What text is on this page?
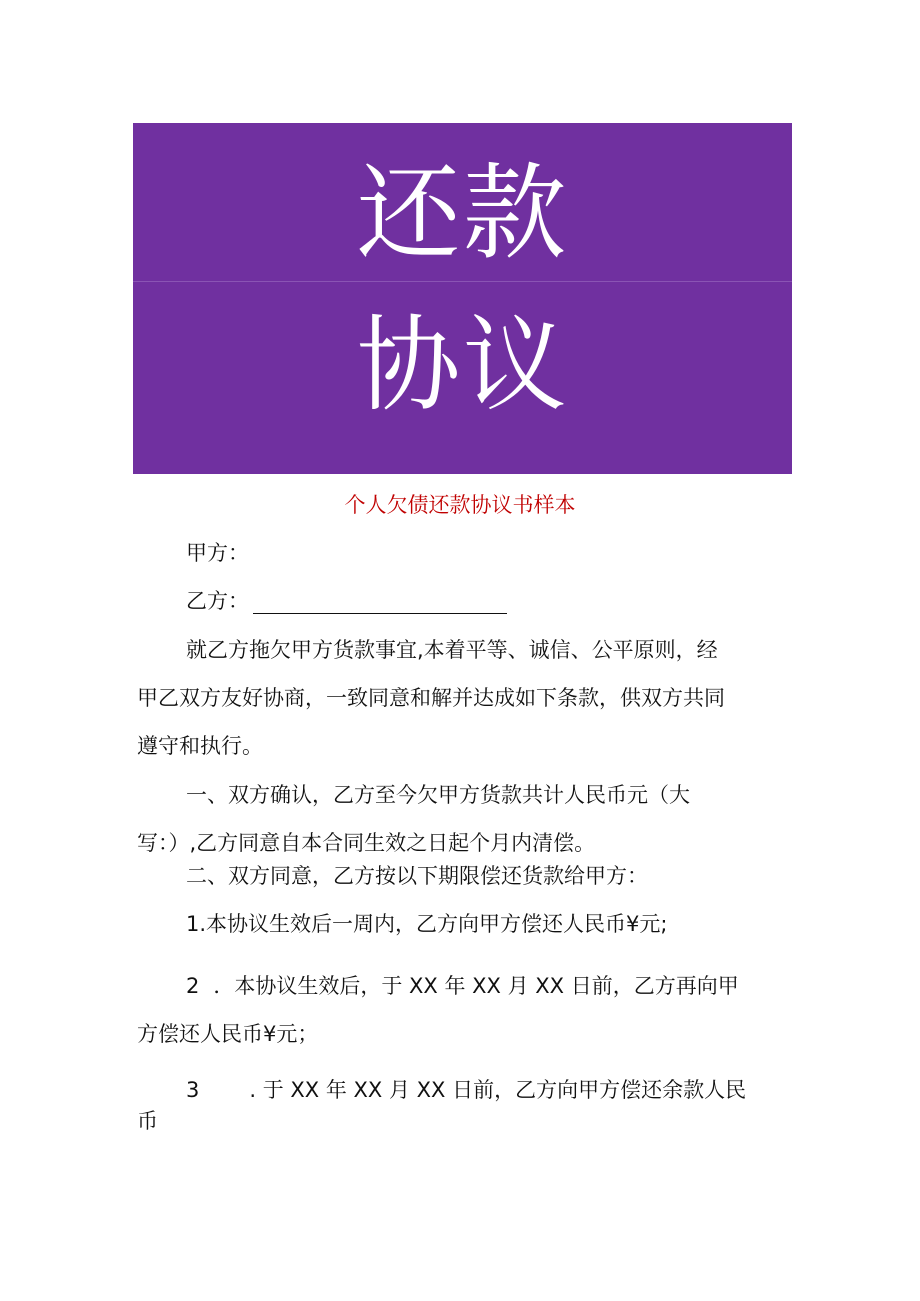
还款
协议
个人欠债还款协议书样本
甲方：
乙方：
就乙方拖欠甲方货款事宜,本着平等、诚信、公平原则，经
甲乙双方友好协商，一致同意和解并达成如下条款，供双方共同
遵守和执行。
一、双方确认，乙方至今欠甲方货款共计人民币元（大
写：）,乙方同意自本合同生效之日起个月内清偿。
二、双方同意，乙方按以下期限偿还货款给甲方：
1.本协议生效后一周内，乙方向甲方偿还人民币¥元;
2 ．本协议生效后，于 XX 年 XX 月 XX 日前，乙方再向甲
方偿还人民币¥元；
3 . 于 XX 年 XX 月 XX 日前，乙方向甲方偿还余款人民
币
